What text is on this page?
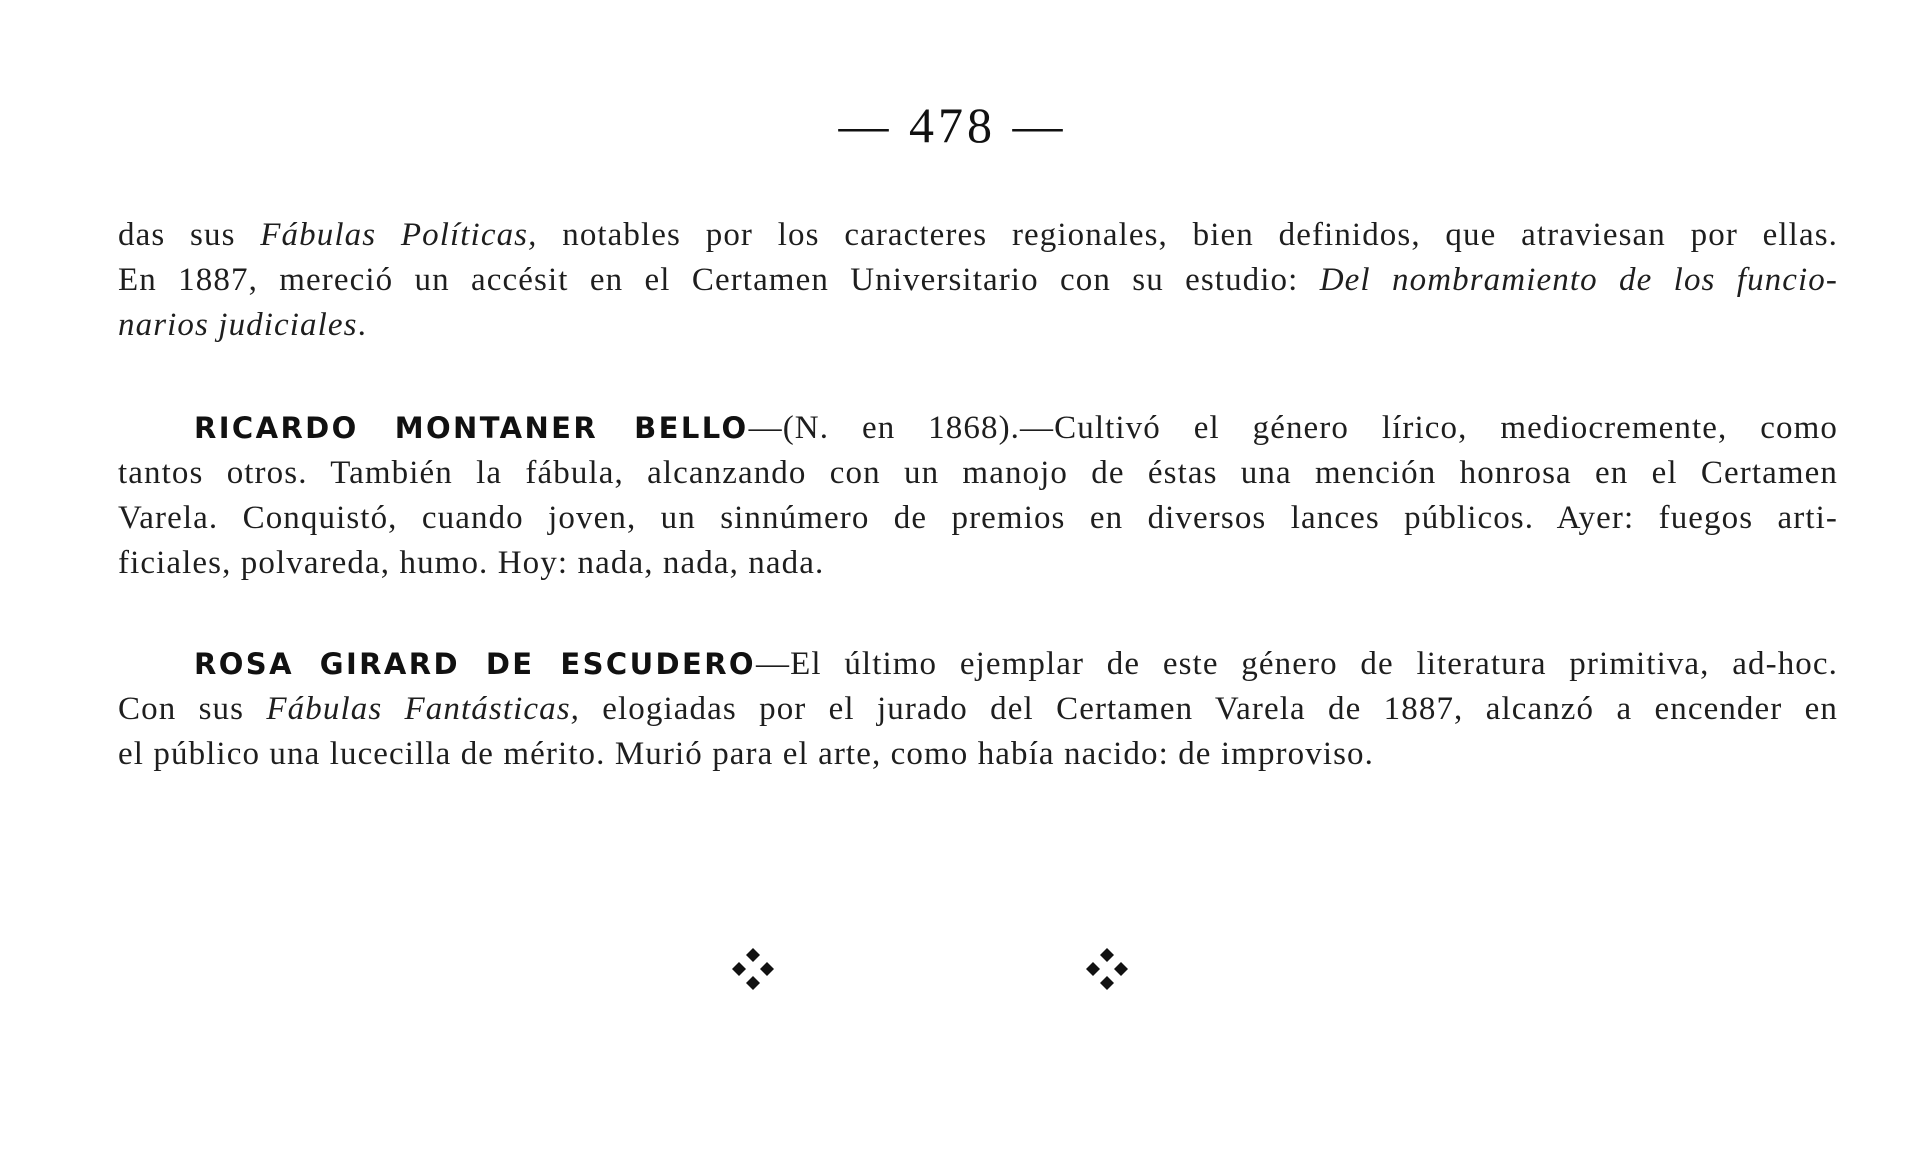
— 478 —
das sus Fábulas Políticas, notables por los caracteres regionales, bien definidos, que atraviesan por ellas.
En 1887, mereció un accésit en el Certamen Universitario con su estudio: Del nombramiento de los funcio-
narios judiciales.
RICARDO MONTANER BELLO—(N. en 1868).—Cultivó el género lírico, mediocremente, como
tantos otros. También la fábula, alcanzando con un manojo de éstas una mención honrosa en el Certamen
Varela. Conquistó, cuando joven, un sinnúmero de premios en diversos lances públicos. Ayer: fuegos arti-
ficiales, polvareda, humo. Hoy: nada, nada, nada.
ROSA GIRARD DE ESCUDERO—El último ejemplar de este género de literatura primitiva, ad-hoc.
Con sus Fábulas Fantásticas, elogiadas por el jurado del Certamen Varela de 1887, alcanzó a encender en
el público una lucecilla de mérito. Murió para el arte, como había nacido: de improviso.
